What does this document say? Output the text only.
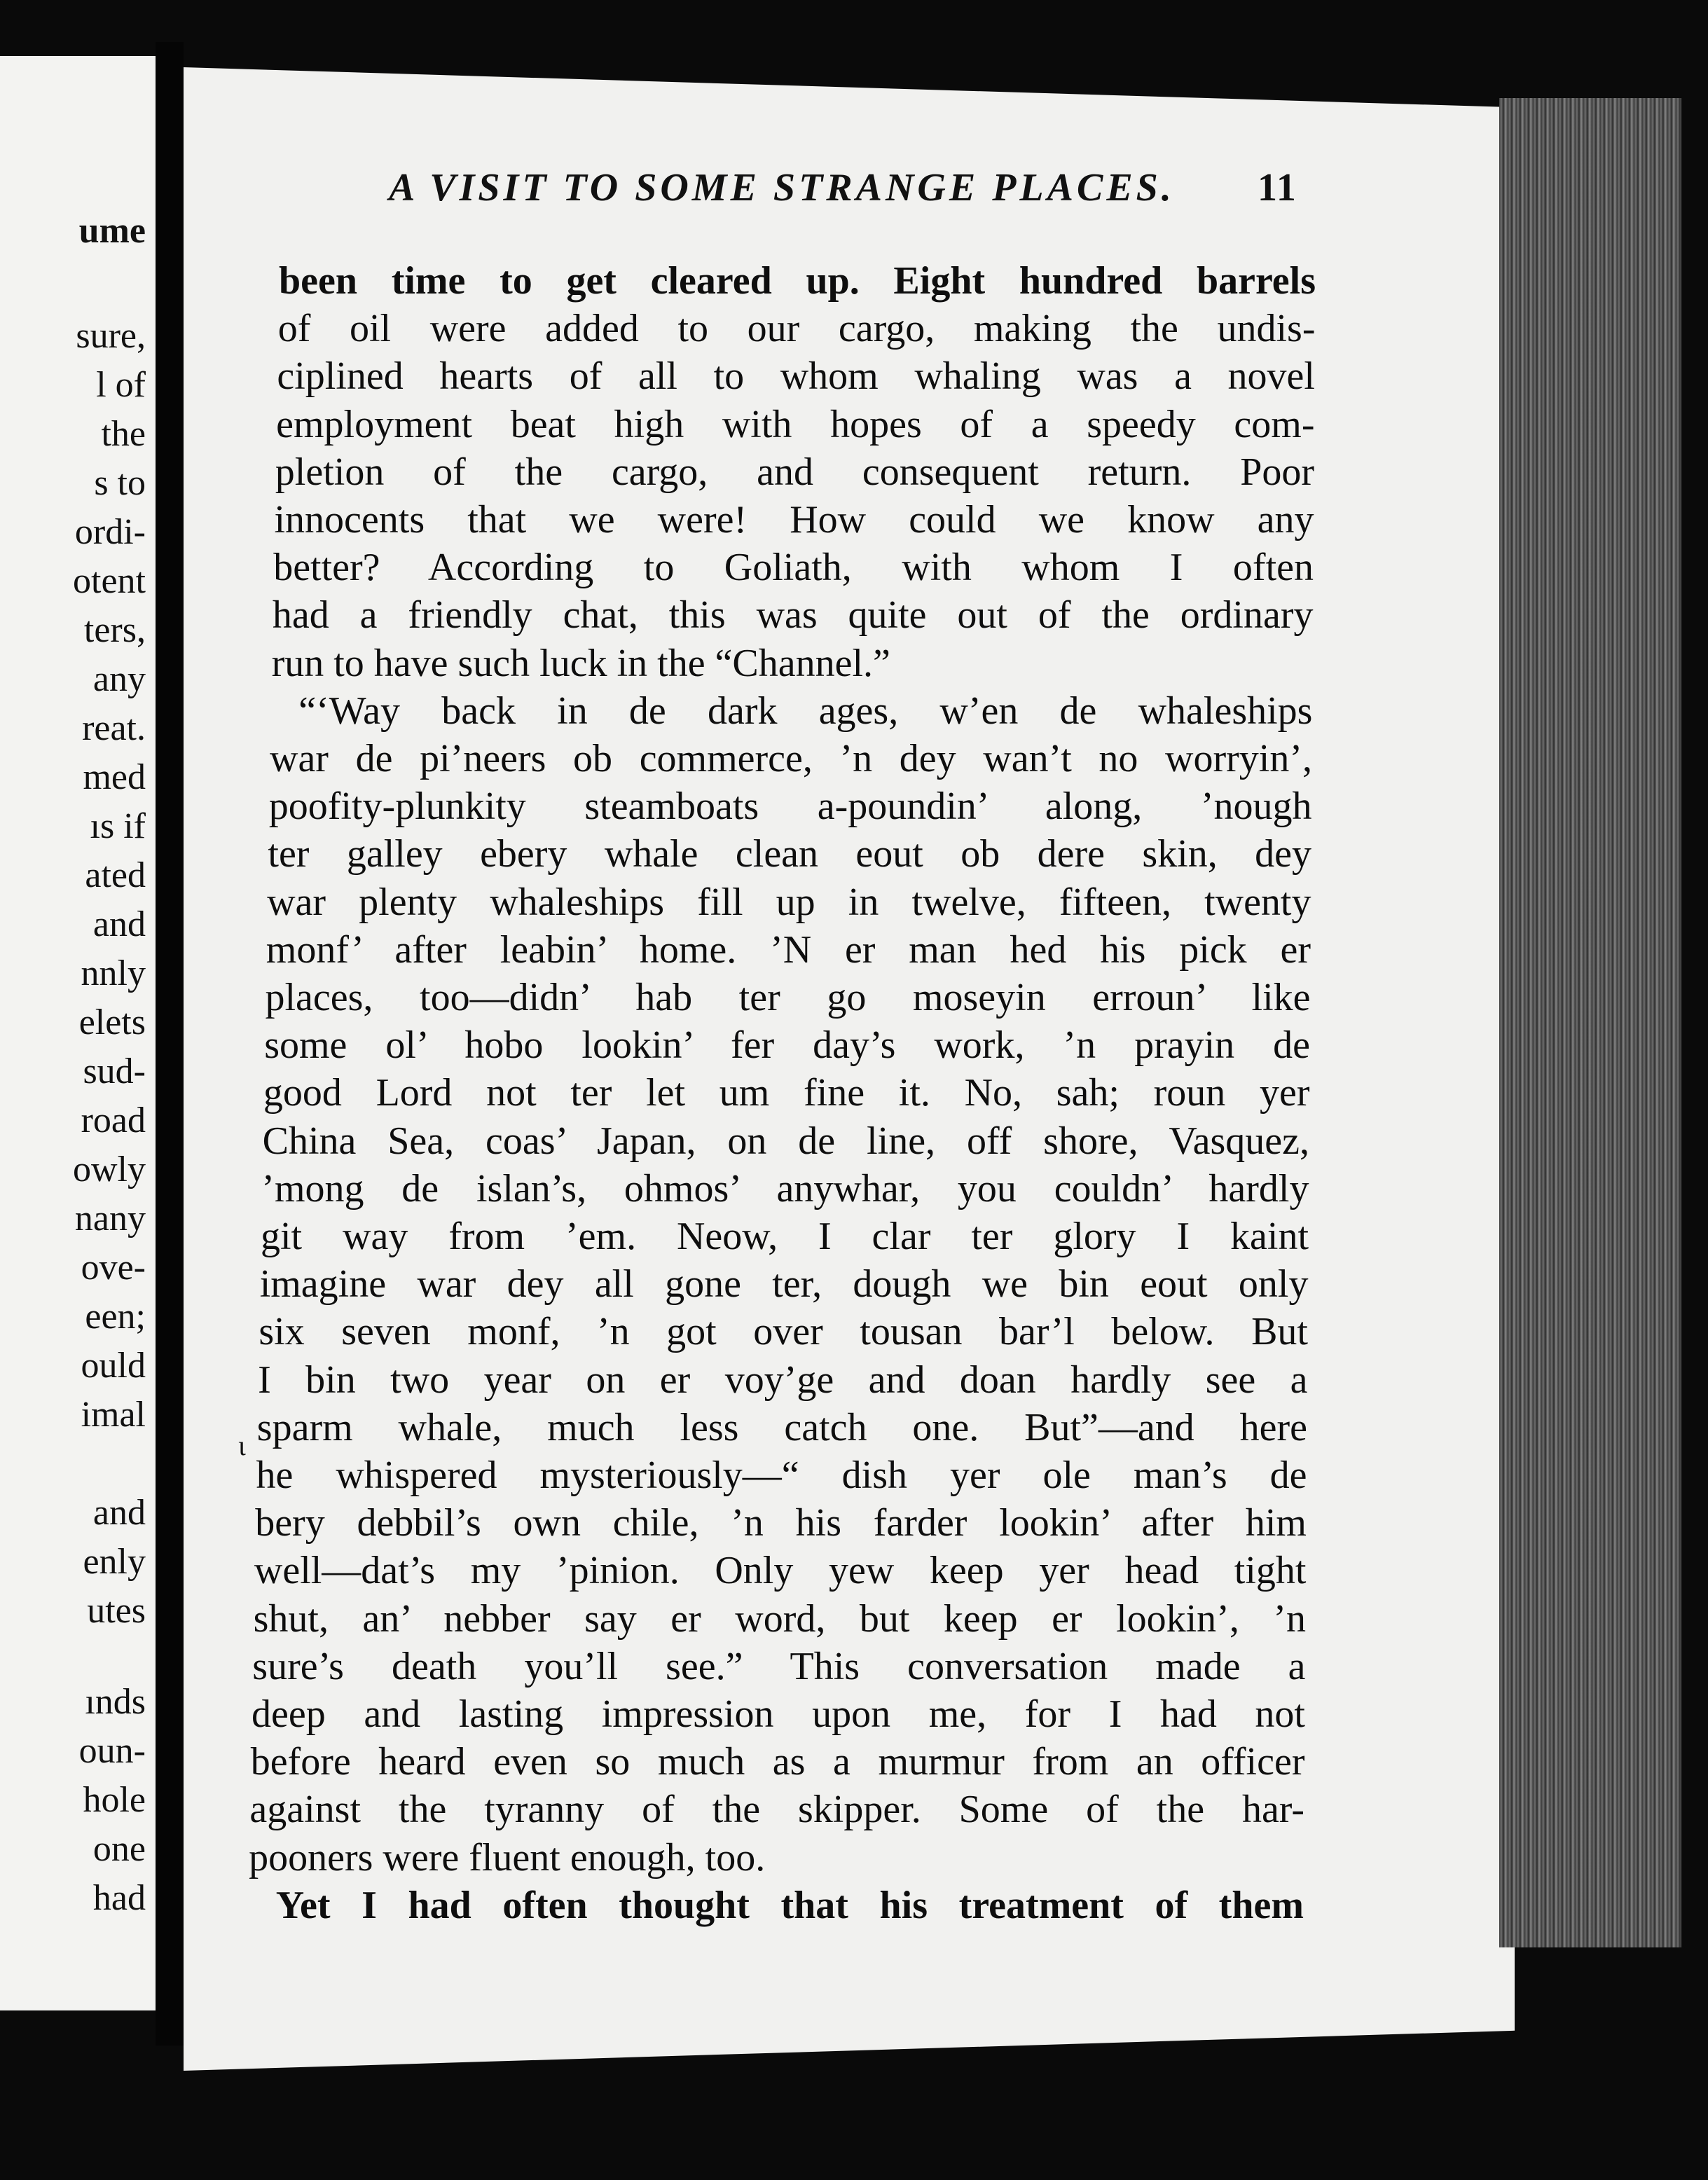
ume
sure,
l of
the
s to
ordi-
otent
ters,
any
reat.
med
ıs if
ated
and
nnly
elets
sud-
road
owly
nany
ove-
een;
ould
imal
and
enly
utes
ınds
oun-
hole
one
had
A VISIT TO SOME STRANGE PLACES. 11
been time to get cleared up. Eight hundred barrels
of oil were added to our cargo, making the undis-
ciplined hearts of all to whom whaling was a novel
employment beat high with hopes of a speedy com-
pletion of the cargo, and consequent return. Poor
innocents that we were! How could we know any
better? According to Goliath, with whom I often
had a friendly chat, this was quite out of the ordinary
run to have such luck in the “Channel.”
“‘Way back in de dark ages, w’en de whaleships
war de pi’neers ob commerce, ’n dey wan’t no worryin’,
poofity-plunkity steamboats a-poundin’ along, ’nough
ter galley ebery whale clean eout ob dere skin, dey
war plenty whaleships fill up in twelve, fifteen, twenty
monf’ after leabin’ home. ’N er man hed his pick er
places, too—didn’ hab ter go moseyin erroun’ like
some ol’ hobo lookin’ fer day’s work, ’n prayin de
good Lord not ter let um fine it. No, sah; roun yer
China Sea, coas’ Japan, on de line, off shore, Vasquez,
’mong de islan’s, ohmos’ anywhar, you couldn’ hardly
git way from ’em. Neow, I clar ter glory I kaint
imagine war dey all gone ter, dough we bin eout only
six seven monf, ’n got over tousan bar’l below. But
I bin two year on er voy’ge and doan hardly see a
sparm whale, much less catch one. But”—and here
he whispered mysteriously—“ dish yer ole man’s de
bery debbil’s own chile, ’n his farder lookin’ after him
well—dat’s my ’pinion. Only yew keep yer head tight
shut, an’ nebber say er word, but keep er lookin’, ’n
sure’s death you’ll see.” This conversation made a
deep and lasting impression upon me, for I had not
before heard even so much as a murmur from an officer
against the tyranny of the skipper. Some of the har-
pooners were fluent enough, too.
Yet I had often thought that his treatment of them
ι
